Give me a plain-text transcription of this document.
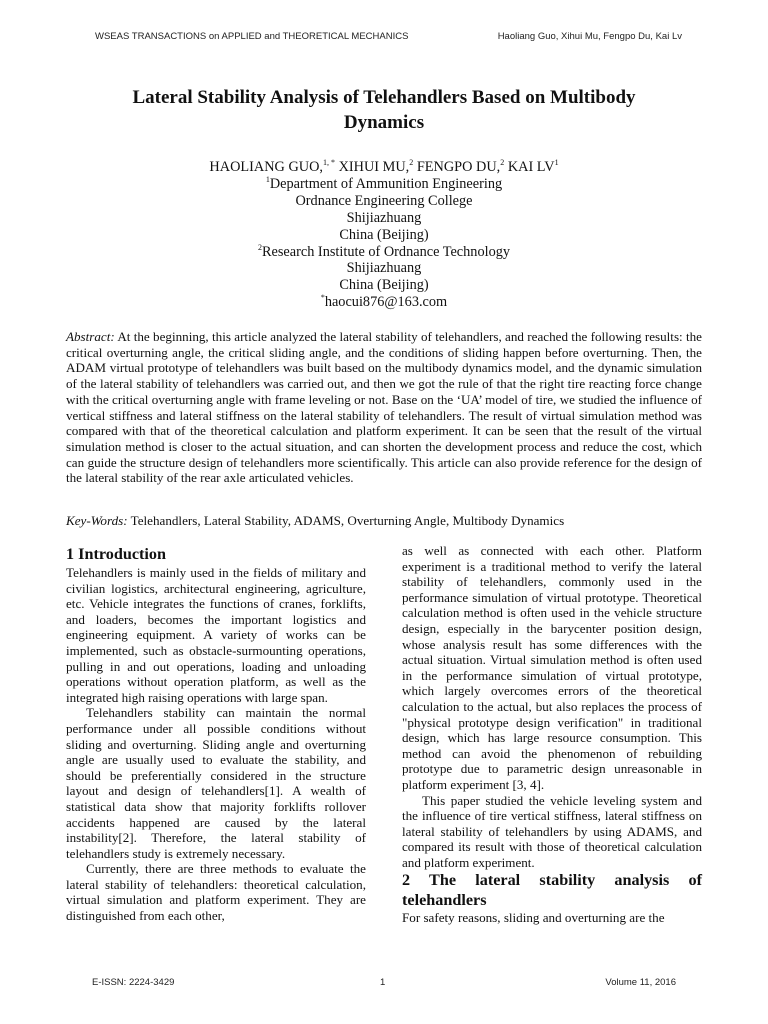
WSEAS TRANSACTIONS on APPLIED and THEORETICAL MECHANICS	Haoliang Guo, Xihui Mu, Fengpo Du, Kai Lv
Lateral Stability Analysis of Telehandlers Based on Multibody Dynamics
HAOLIANG GUO,$^{1, *}$ XIHUI MU,$^2$ FENGPO DU,$^2$ KAI $LV^1$
$^1$Department of Ammunition Engineering
Ordnance Engineering College
Shijiazhuang
China (Beijing)
$^2$Research Institute of Ordnance Technology
Shijiazhuang
China (Beijing)
*haocui876@163.com
Abstract: At the beginning, this article analyzed the lateral stability of telehandlers, and reached the following results: the critical overturning angle, the critical sliding angle, and the conditions of sliding happen before overturning. Then, the ADAM virtual prototype of telehandlers was built based on the multibody dynamics model, and the dynamic simulation of the lateral stability of telehandlers was carried out, and then we got the rule of that the right tire reacting force change with the critical overturning angle with frame leveling or not. Base on the ‘UA’ model of tire, we studied the influence of vertical stiffness and lateral stiffness on the lateral stability of telehandlers. The result of virtual simulation method was compared with that of the theoretical calculation and platform experiment. It can be seen that the result of the virtual simulation method is closer to the actual situation, and can shorten the development process and reduce the cost, which can guide the structure design of telehandlers more scientifically. This article can also provide reference for the design of the lateral stability of the rear axle articulated vehicles.
Key-Words: Telehandlers, Lateral Stability, ADAMS, Overturning Angle, Multibody Dynamics
1 Introduction

Telehandlers is mainly used in the fields of military and civilian logistics, architectural engineering, agriculture, etc. Vehicle integrates the functions of cranes, forklifts, and loaders, becomes the important logistics and engineering equipment. A variety of works can be implemented, such as obstacle-surmounting operations, pulling in and out operations, loading and unloading operations without operation platform, as well as the integrated high raising operations with large span.

Telehandlers stability can maintain the normal performance under all possible conditions without sliding and overturning. Sliding angle and overturning angle are usually used to evaluate the stability, and should be preferentially considered in the structure layout and design of telehandlers[1]. A wealth of statistical data show that majority forklifts rollover accidents happened are caused by the lateral instability[2]. Therefore, the lateral stability of telehandlers study is extremely necessary.

Currently, there are three methods to evaluate the lateral stability of telehandlers: theoretical calculation, virtual simulation and platform experiment. They are distinguished from each other,

as well as connected with each other. Platform experiment is a traditional method to verify the lateral stability of telehandlers, commonly used in the performance simulation of virtual prototype. Theoretical calculation method is often used in the vehicle structure design, especially in the barycenter position design, whose analysis result has some differences with the actual situation. Virtual simulation method is often used in the performance simulation of virtual prototype, which largely overcomes errors of the theoretical calculation to the actual, but also replaces the process of "physical prototype design verification" in traditional design, which has large resource consumption. This method can avoid the phenomenon of rebuilding prototype due to parametric design unreasonable in platform experiment [3, 4].

This paper studied the vehicle leveling system and the influence of tire vertical stiffness, lateral stiffness on lateral stability of telehandlers by using ADAMS, and compared its result with those of theoretical calculation and platform experiment.

2 The lateral stability analysis of telehandlers

For safety reasons, sliding and overturning are the

E-ISSN: 2224-3429	1	Volume 11, 2016
